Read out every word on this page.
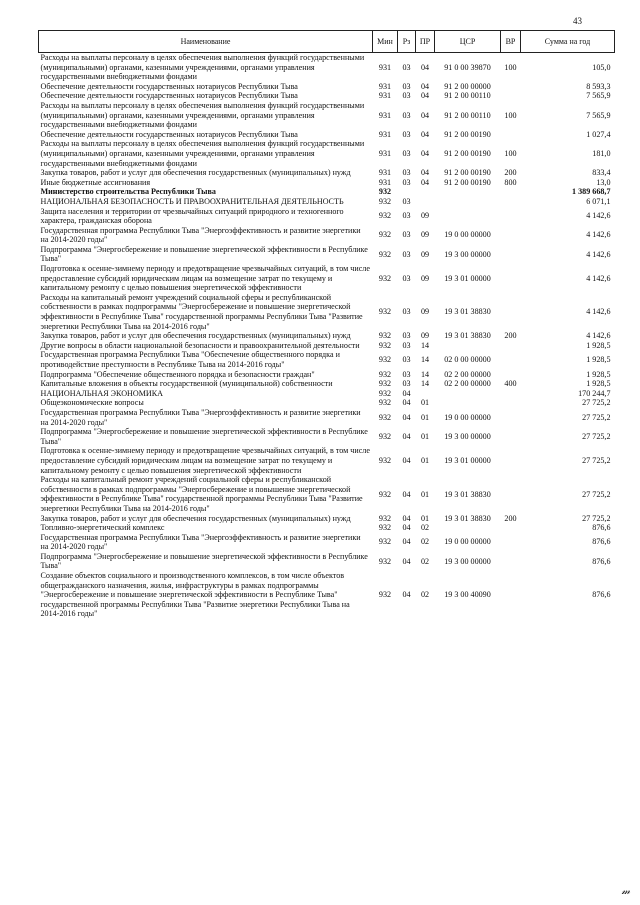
43
Наименование	Мин	Рз	ПР	ЦСР	ВР	Сумма на год
Расходы на выплаты персоналу в целях обеспечения выполнения функций государственными (муниципальными) органами, казенными учреждениями, органами управления государственными внебюджетными фондами	931	03	04	91 0 00 39870	100	105,0
Обеспечение деятельности государственных нотариусов Республики Тыва	931	03	04	91 2 00 00000		8 593,3
Обеспечение деятельности государственных нотариусов Республики Тыва	931	03	04	91 2 00 00110		7 565,9
Расходы на выплаты персоналу в целях обеспечения выполнения функций государственными (муниципальными) органами, казенными учреждениями, органами управления государственными внебюджетными фондами	931	03	04	91 2 00 00110	100	7 565,9
Обеспечение деятельности государственных нотариусов Республики Тыва	931	03	04	91 2 00 00190		1 027,4
Расходы на выплаты персоналу в целях обеспечения выполнения функций государственными (муниципальными) органами, казенными учреждениями, органами управления государственными внебюджетными фондами	931	03	04	91 2 00 00190	100	181,0
Закупка товаров, работ и услуг для обеспечения государственных (муниципальных) нужд	931	03	04	91 2 00 00190	200	833,4
Иные бюджетные ассигнования	931	03	04	91 2 00 00190	800	13,0
Министерство строительства Республики Тыва	932					1 389 668,7
НАЦИОНАЛЬНАЯ БЕЗОПАСНОСТЬ И ПРАВООХРАНИТЕЛЬНАЯ ДЕЯТЕЛЬНОСТЬ	932	03				6 071,1
Защита населения и территории от чрезвычайных ситуаций природного и техногенного характера, гражданская оборона	932	03	09			4 142,6
Государственная программа Республики Тыва "Энергоэффективность и развитие энергетики на 2014-2020 годы"	932	03	09	19 0 00 00000		4 142,6
Подпрограмма "Энергосбережение и повышение энергетической эффективности в Республике Тыва"	932	03	09	19 3 00 00000		4 142,6
Подготовка к осенне-зимнему периоду и предотвращение чрезвычайных ситуаций, в том числе предоставление субсидий юридическим лицам на возмещение затрат по текущему и капитальному ремонту с целью повышения энергетической эффективности	932	03	09	19 3 01 00000		4 142,6
Расходы на капитальный ремонт учреждений социальной сферы и республиканской собственности в рамках подпрограммы "Энергосбережение и повышение энергетической эффективности в Республике Тыва" государственной программы Республики Тыва "Развитие энергетики Республики Тыва на 2014-2016 годы"	932	03	09	19 3 01 38830		4 142,6
Закупка товаров, работ и услуг для обеспечения государственных (муниципальных) нужд	932	03	09	19 3 01 38830	200	4 142,6
Другие вопросы в области национальной безопасности и правоохранительной деятельности	932	03	14			1 928,5
Государственная программа Республики Тыва "Обеспечение общественного порядка и противодействие преступности в Республике Тыва на 2014-2016 годы"	932	03	14	02 0 00 00000		1 928,5
Подпрограмма "Обеспечение общественного порядка и безопасности граждан"	932	03	14	02 2 00 00000		1 928,5
Капитальные вложения в объекты государственной (муниципальной) собственности	932	03	14	02 2 00 00000	400	1 928,5
НАЦИОНАЛЬНАЯ ЭКОНОМИКА	932	04				170 244,7
Общеэкономические вопросы	932	04	01			27 725,2
Государственная программа Республики Тыва "Энергоэффективность и развитие энергетики на 2014-2020 годы"	932	04	01	19 0 00 00000		27 725,2
Подпрограмма "Энергосбережение и повышение энергетической эффективности в Республике Тыва"	932	04	01	19 3 00 00000		27 725,2
Подготовка к осенне-зимнему периоду и предотвращение чрезвычайных ситуаций, в том числе предоставление субсидий юридическим лицам на возмещение затрат по текущему и капитальному ремонту с целью повышения энергетической эффективности	932	04	01	19 3 01 00000		27 725,2
Расходы на капитальный ремонт учреждений социальной сферы и республиканской собственности в рамках подпрограммы "Энергосбережение и повышение энергетической эффективности в Республике Тыва" государственной программы Республики Тыва "Развитие энергетики Республики Тыва на 2014-2016 годы"	932	04	01	19 3 01 38830		27 725,2
Закупка товаров, работ и услуг для обеспечения государственных (муниципальных) нужд	932	04	01	19 3 01 38830	200	27 725,2
Топливно-энергетический комплекс	932	04	02			876,6
Государственная программа Республики Тыва "Энергоэффективность и развитие энергетики на 2014-2020 годы"	932	04	02	19 0 00 00000		876,6
Подпрограмма "Энергосбережение и повышение энергетической эффективности в Республике Тыва"	932	04	02	19 3 00 00000		876,6
Создание объектов социального и производственного комплексов, в том числе объектов общегражданского назначения, жилья, инфраструктуры в рамках подпрограммы "Энергосбережение и повышение энергетической эффективности в Республике Тыва" государственной программы Республики Тыва "Развитие энергетики Республики Тыва на 2014-2016 годы"	932	04	02	19 3 00 40090		876,6
𝓂
